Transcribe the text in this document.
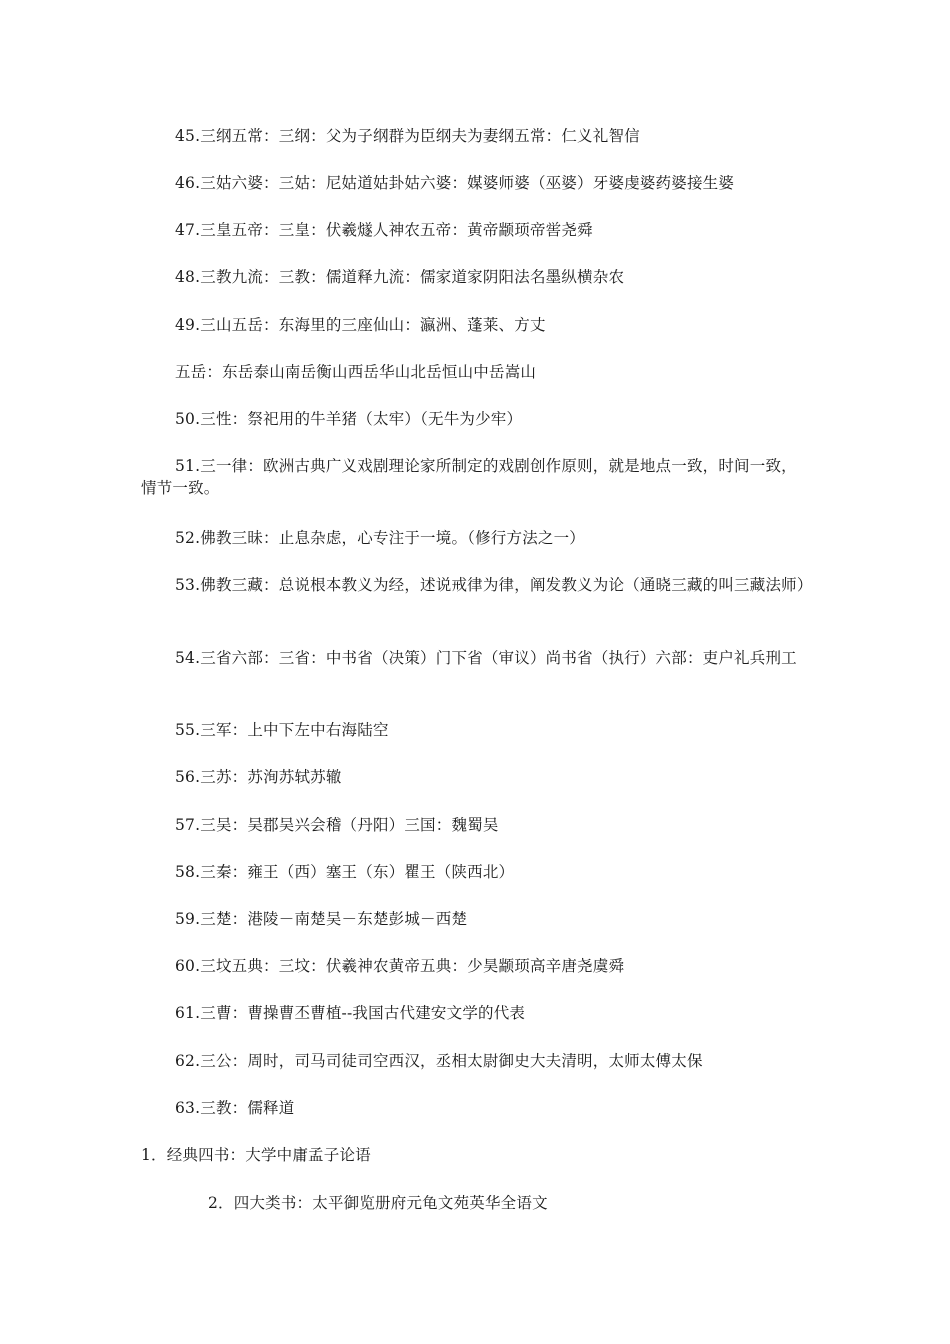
45.三纲五常：三纲：父为子纲群为臣纲夫为妻纲五常：仁义礼智信
46.三姑六婆：三姑：尼姑道姑卦姑六婆：媒婆师婆（巫婆）牙婆虔婆药婆接生婆
47.三皇五帝：三皇：伏羲燧人神农五帝：黄帝颛顼帝喾尧舜
48.三教九流：三教：儒道释九流：儒家道家阴阳法名墨纵横杂农
49.三山五岳：东海里的三座仙山：瀛洲、蓬莱、方丈
五岳：东岳泰山南岳衡山西岳华山北岳恒山中岳嵩山
50.三性：祭祀用的牛羊猪（太牢）（无牛为少牢）
51.三一律：欧洲古典广义戏剧理论家所制定的戏剧创作原则，就是地点一致，时间一致，情节一致。
52.佛教三昧：止息杂虑，心专注于一境。（修行方法之一）
53.佛教三藏：总说根本教义为经，述说戒律为律，阐发教义为论（通晓三藏的叫三藏法师）
54.三省六部：三省：中书省（决策）门下省（审议）尚书省（执行）六部：吏户礼兵刑工
55.三军：上中下左中右海陆空
56.三苏：苏洵苏轼苏辙
57.三吴：吴郡吴兴会稽（丹阳）三国：魏蜀吴
58.三秦：雍王（西）塞王（东）瞿王（陕西北）
59.三楚：港陵－南楚吴－东楚彭城－西楚
60.三坟五典：三坟：伏羲神农黄帝五典：少昊颛顼高辛唐尧虞舜
61.三曹：曹操曹丕曹植--我国古代建安文学的代表
62.三公：周时，司马司徒司空西汉，丞相太尉御史大夫清明，太师太傅太保
63.三教：儒释道
1．经典四书：大学中庸孟子论语
2．四大类书：太平御览册府元龟文苑英华全语文
